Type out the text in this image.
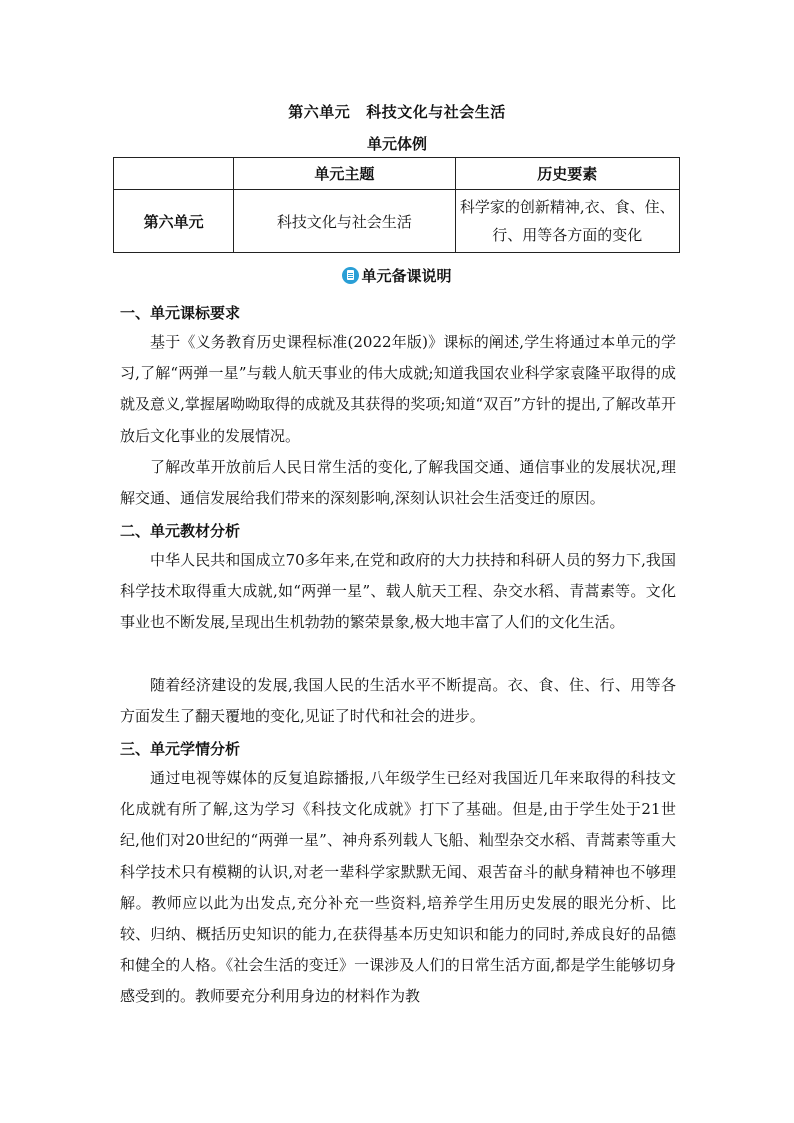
第六单元 科技文化与社会生活
单元体例
	单元主题	历史要素
第六单元	科技文化与社会生活	科学家的创新精神,衣、食、住、行、用等各方面的变化
单元备课说明
一、单元课标要求

基于《义务教育历史课程标准(2022年版)》课标的阐述,学生将通过本单元的学习,了解“两弹一星”与载人航天事业的伟大成就;知道我国农业科学家袁隆平取得的成就及意义,掌握屠呦呦取得的成就及其获得的奖项;知道“双百”方针的提出,了解改革开放后文化事业的发展情况。

了解改革开放前后人民日常生活的变化,了解我国交通、通信事业的发展状况,理解交通、通信发展给我们带来的深刻影响,深刻认识社会生活变迁的原因。

二、单元教材分析

中华人民共和国成立70多年来,在党和政府的大力扶持和科研人员的努力下,我国科学技术取得重大成就,如“两弹一星”、载人航天工程、杂交水稻、青蒿素等。文化事业也不断发展,呈现出生机勃勃的繁荣景象,极大地丰富了人们的文化生活。

随着经济建设的发展,我国人民的生活水平不断提高。衣、食、住、行、用等各方面发生了翻天覆地的变化,见证了时代和社会的进步。

三、单元学情分析

通过电视等媒体的反复追踪播报,八年级学生已经对我国近几年来取得的科技文化成就有所了解,这为学习《科技文化成就》打下了基础。但是,由于学生处于21世纪,他们对20世纪的“两弹一星”、神舟系列载人飞船、籼型杂交水稻、青蒿素等重大科学技术只有模糊的认识,对老一辈科学家默默无闻、艰苦奋斗的献身精神也不够理解。教师应以此为出发点,充分补充一些资料,培养学生用历史发展的眼光分析、比较、归纳、概括历史知识的能力,在获得基本历史知识和能力的同时,养成良好的品德和健全的人格。《社会生活的变迁》一课涉及人们的日常生活方面,都是学生能够切身感受到的。教师要充分利用身边的材料作为教
